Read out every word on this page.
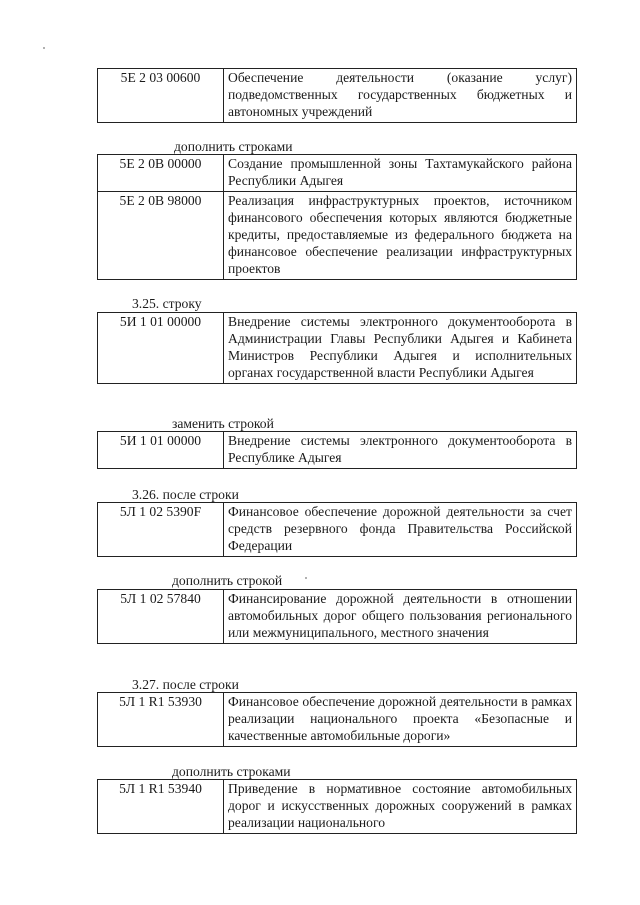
5Е 2 03 00600	Обеспечение деятельности (оказание услуг) подведомственных государственных бюджетных и автономных учреждений
дополнить строками
5Е 2 0В 00000	Создание промышленной зоны Тахтамукайского района Республики Адыгея
5Е 2 0В 98000	Реализация инфраструктурных проектов, источником финансового обеспечения которых являются бюджетные кредиты, предоставляемые из федерального бюджета на финансовое обеспечение реализации инфраструктурных проектов
3.25. строку
5И 1 01 00000	Внедрение системы электронного документооборота в Администрации Главы Республики Адыгея и Кабинета Министров Республики Адыгея и исполнительных органах государственной власти Республики Адыгея
заменить строкой
5И 1 01 00000	Внедрение системы электронного документооборота в Республике Адыгея
3.26. после строки
5Л 1 02 5390F	Финансовое обеспечение дорожной деятельности за счет средств резервного фонда Правительства Российской Федерации
дополнить строкой
5Л 1 02 57840	Финансирование дорожной деятельности в отношении автомобильных дорог общего пользования регионального или межмуниципального, местного значения
3.27. после строки
5Л 1 R1 53930	Финансовое обеспечение дорожной деятельности в рамках реализации национального проекта «Безопасные и качественные автомобильные дороги»
дополнить строками
5Л 1 R1 53940	Приведение в нормативное состояние автомобильных дорог и искусственных дорожных сооружений в рамках реализации национального
